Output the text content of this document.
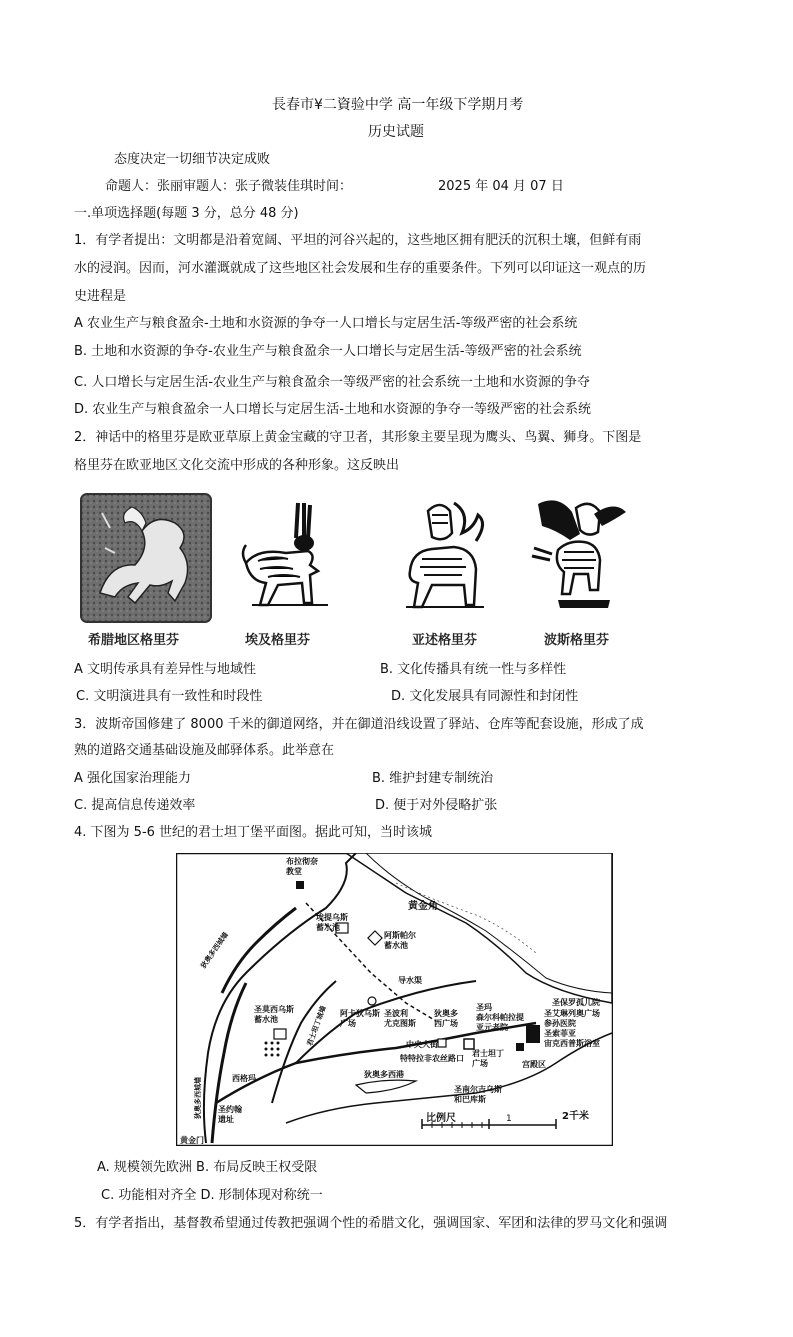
長春市¥二資验中学 高一年级下学期月考
历史试题
态度决定一切细节决定成败
命题人：张丽审题人：张子微装佳琪时间：	2025 年 04 月 07 日
一.单项选择题(每题 3 分，总分 48 分)
1．有学者提出：文明都是沿着宽阔、平坦的河谷兴起的，这些地区拥有肥沃的沉积土壤，但鲜有雨
水的浸润。因而，河水灌溉就成了这些地区社会发展和生存的重要条件。下列可以印证这一观点的历
史进程是
A 农业生产与粮食盈余-土地和水资源的争夺一人口增长与定居生活-等级严密的社会系统
B. 土地和水资源的争夺-农业生产与粮食盈余一人口增长与定居生活-等级严密的社会系统
C. 人口增长与定居生活-农业生产与粮食盈余一等级严密的社会系统一土地和水资源的争夺
D. 农业生产与粮食盈余一人口增长与定居生活-土地和水资源的争夺一等级严密的社会系统
2．神话中的格里芬是欧亚草原上黄金宝藏的守卫者，其形象主要呈现为鹰头、鸟翼、狮身。下图是
格里芬在欧亚地区文化交流中形成的各种形象。这反映出
希腊地区格里芬	埃及格里芬	亚述格里芬	波斯格里芬
A 文明传承具有差异性与地域性	B. 文化传播具有统一性与多样性
C. 文明演进具有一致性和时段性	D. 文化发展具有同源性和封闭性
3．波斯帝国修建了 8000 千米的御道网络，并在御道沿线设置了驿站、仓库等配套设施，形成了成
熟的道路交通基础设施及邮驿体系。此举意在
A 强化国家治理能力	B. 维护封建专制统治
C. 提高信息传递效率	D. 便于对外侵略扩张
4. 下图为 5-6 世纪的君士坦丁堡平面图。据此可知，当时该城
布拉彻奈
教堂
黄金角
埃提乌斯
蓄水池
阿斯帕尔
蓄水池
狄奥多西城墙
圣莫西乌斯
蓄水池	君士坦丁城墙
导水渠
阿卡狄乌斯
广场
圣波利
尤克图斯
狄奥多
西广场
中央大街
特特拉非农丝路口
狄奥多西港
君士坦丁
广场
圣玛
森尔科帕拉提
亚元老院
圣保罗孤儿院
圣艾琳列奥广场
参孙医院
圣索菲亚
宙克西普斯浴室
西格玛
圣约翰
遗址
黄金门
狄奥多西城墙	圣南尔吉乌斯
和巴库斯
宫殿区
比例尺	1	2千米
A. 规模领先欧洲 B. 布局反映王权受限
C. 功能相对齐全 D. 形制体现对称统一
5．有学者指出，基督教希望通过传教把强调个性的希腊文化，强调国家、军团和法律的罗马文化和强调
